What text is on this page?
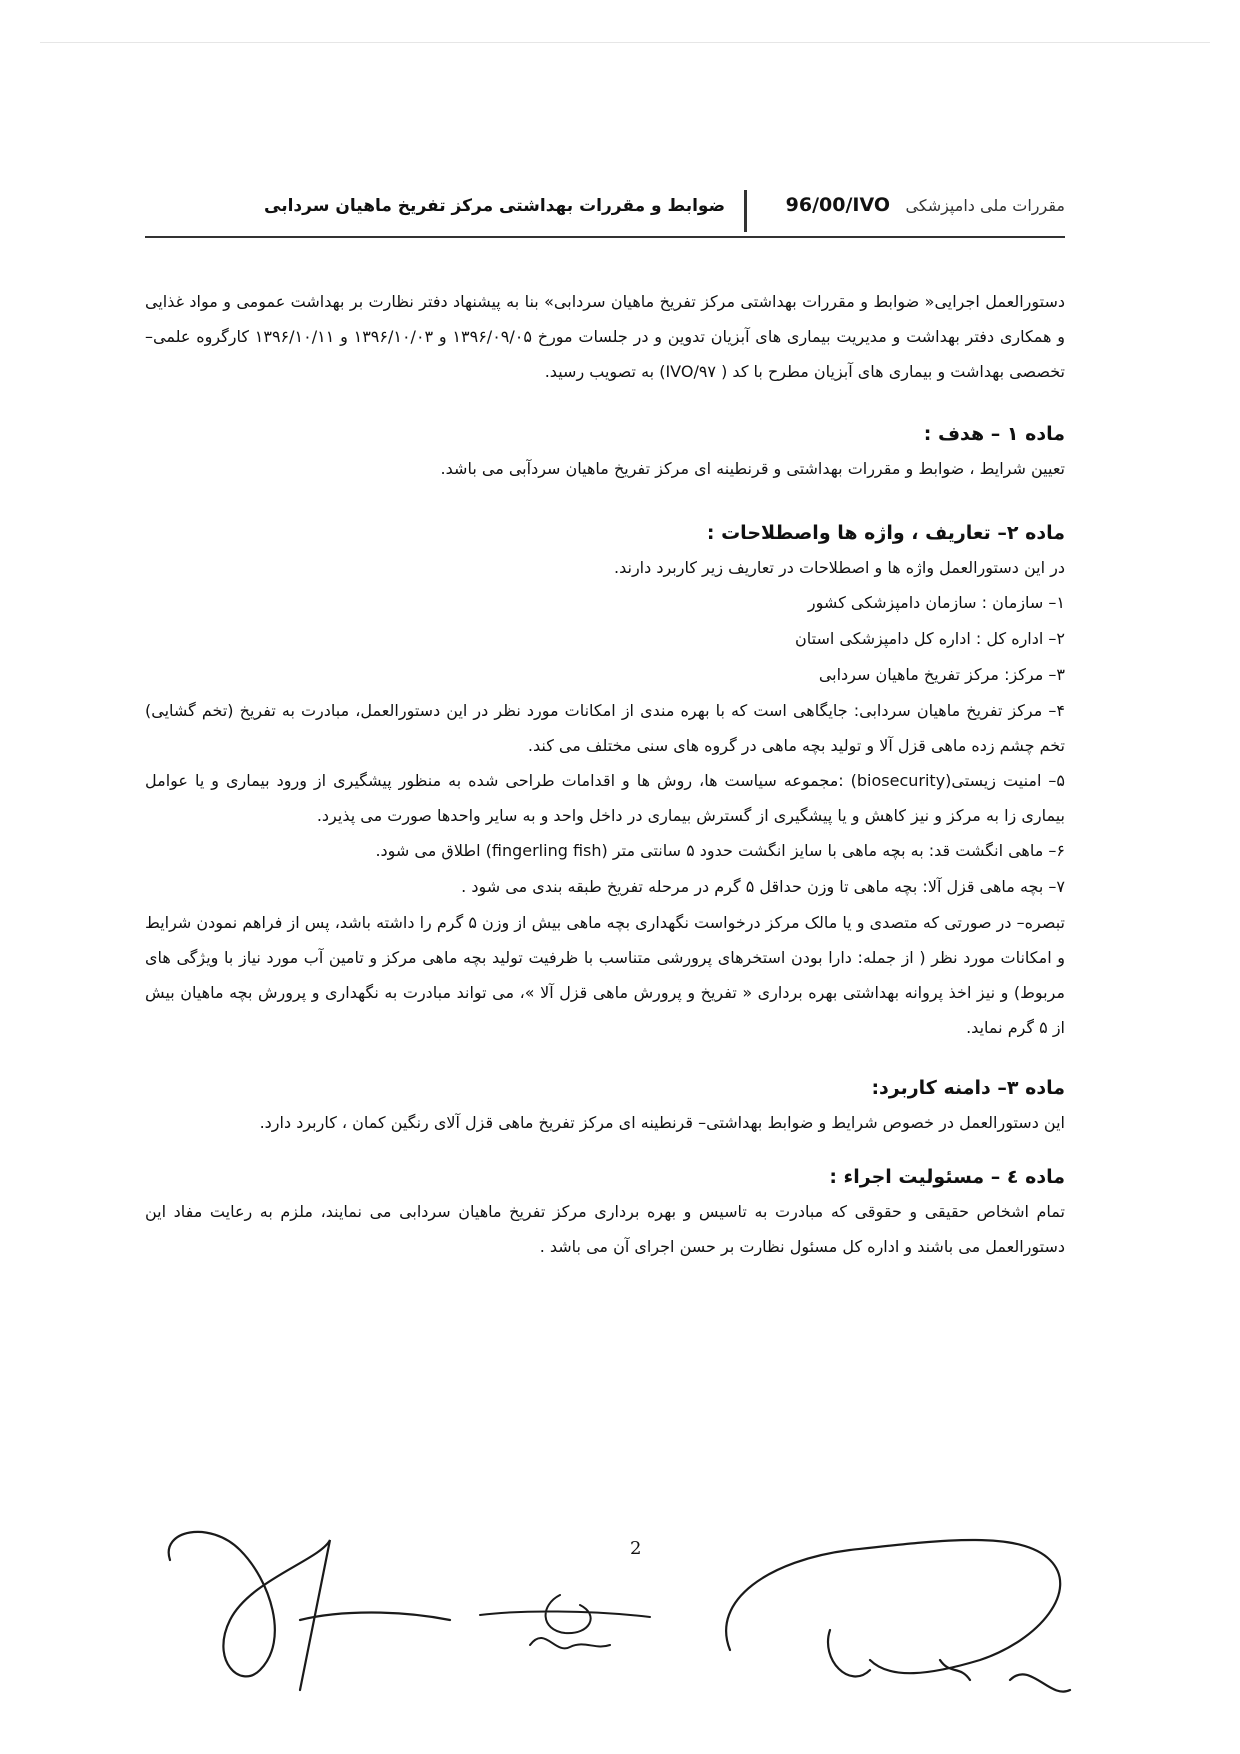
مقررات ملی دامپزشکی
96/00/IVO
ضوابط و مقررات بهداشتی مرکز تفریخ ماهیان سردابی

دستورالعمل اجرایی« ضوابط و مقررات بهداشتی مرکز تفریخ ماهیان سردابی» بنا به پیشنهاد دفتر نظارت بر بهداشت عمومی و مواد غذایی و همکاری دفتر بهداشت و مدیریت بیماری های آبزیان تدوین و در جلسات مورخ ۱۳۹۶/۰۹/۰۵ و ۱۳۹۶/۱۰/۰۳ و ۱۳۹۶/۱۰/۱۱ کارگروه علمی– تخصصی بهداشت و بیماری های آبزیان مطرح با کد ( ۹۷/IVO) به تصویب رسید.

ماده ۱ – هدف :

تعیین شرایط ، ضوابط و مقررات بهداشتی و قرنطینه ای مرکز تفریخ ماهیان سردآبی می باشد.

ماده ۲– تعاریف ، واژه ها واصطلاحات :

در این دستورالعمل واژه ها و اصطلاحات در تعاریف زیر کاربرد دارند.

۱– سازمان : سازمان دامپزشکی کشور

۲– اداره کل : اداره کل دامپزشکی استان

۳– مرکز: مرکز تفریخ ماهیان سردابی

۴– مرکز تفریخ ماهیان سردابی: جایگاهی است که با بهره مندی از امکانات مورد نظر در این دستورالعمل، مبادرت به تفریخ (تخم گشایی) تخم چشم زده ماهی قزل آلا و تولید بچه ماهی در گروه های سنی مختلف می کند.

۵– امنیت زیستی(biosecurity) :مجموعه سیاست ها، روش ها و اقدامات طراحی شده به منظور پیشگیری از ورود بیماری و یا عوامل بیماری زا به مرکز و نیز کاهش و یا پیشگیری از گسترش بیماری در داخل واحد و به سایر واحدها صورت می پذیرد.

۶– ماهی انگشت قد: به بچه ماهی با سایز انگشت حدود ۵ سانتی متر (fingerling fish) اطلاق می شود.

۷– بچه ماهی قزل آلا: بچه ماهی تا وزن حداقل ۵ گرم در مرحله تفریخ طبقه بندی می شود .

تبصره– در صورتی که متصدی و یا مالک مرکز درخواست نگهداری بچه ماهی بیش از وزن ۵ گرم را داشته باشد، پس از فراهم نمودن شرایط و امکانات مورد نظر ( از جمله: دارا بودن استخرهای پرورشی متناسب با ظرفیت تولید بچه ماهی مرکز و تامین آب مورد نیاز با ویژگی های مربوط) و نیز اخذ پروانه بهداشتی بهره برداری « تفریخ و پرورش ماهی قزل آلا »، می تواند مبادرت به نگهداری و پرورش بچه ماهیان بیش از ۵ گرم نماید.

ماده ۳– دامنه کاربرد:

این دستورالعمل در خصوص شرایط و ضوابط بهداشتی– قرنطینه ای مرکز تفریخ ماهی قزل آلای رنگین کمان ، کاربرد دارد.

ماده ٤ – مسئولیت اجراء :

تمام اشخاص حقیقی و حقوقی که مبادرت به تاسیس و بهره برداری مرکز تفریخ ماهیان سردابی می نمایند، ملزم به رعایت مفاد این دستورالعمل می باشند و اداره کل مسئول نظارت بر حسن اجرای آن می باشد .

2
